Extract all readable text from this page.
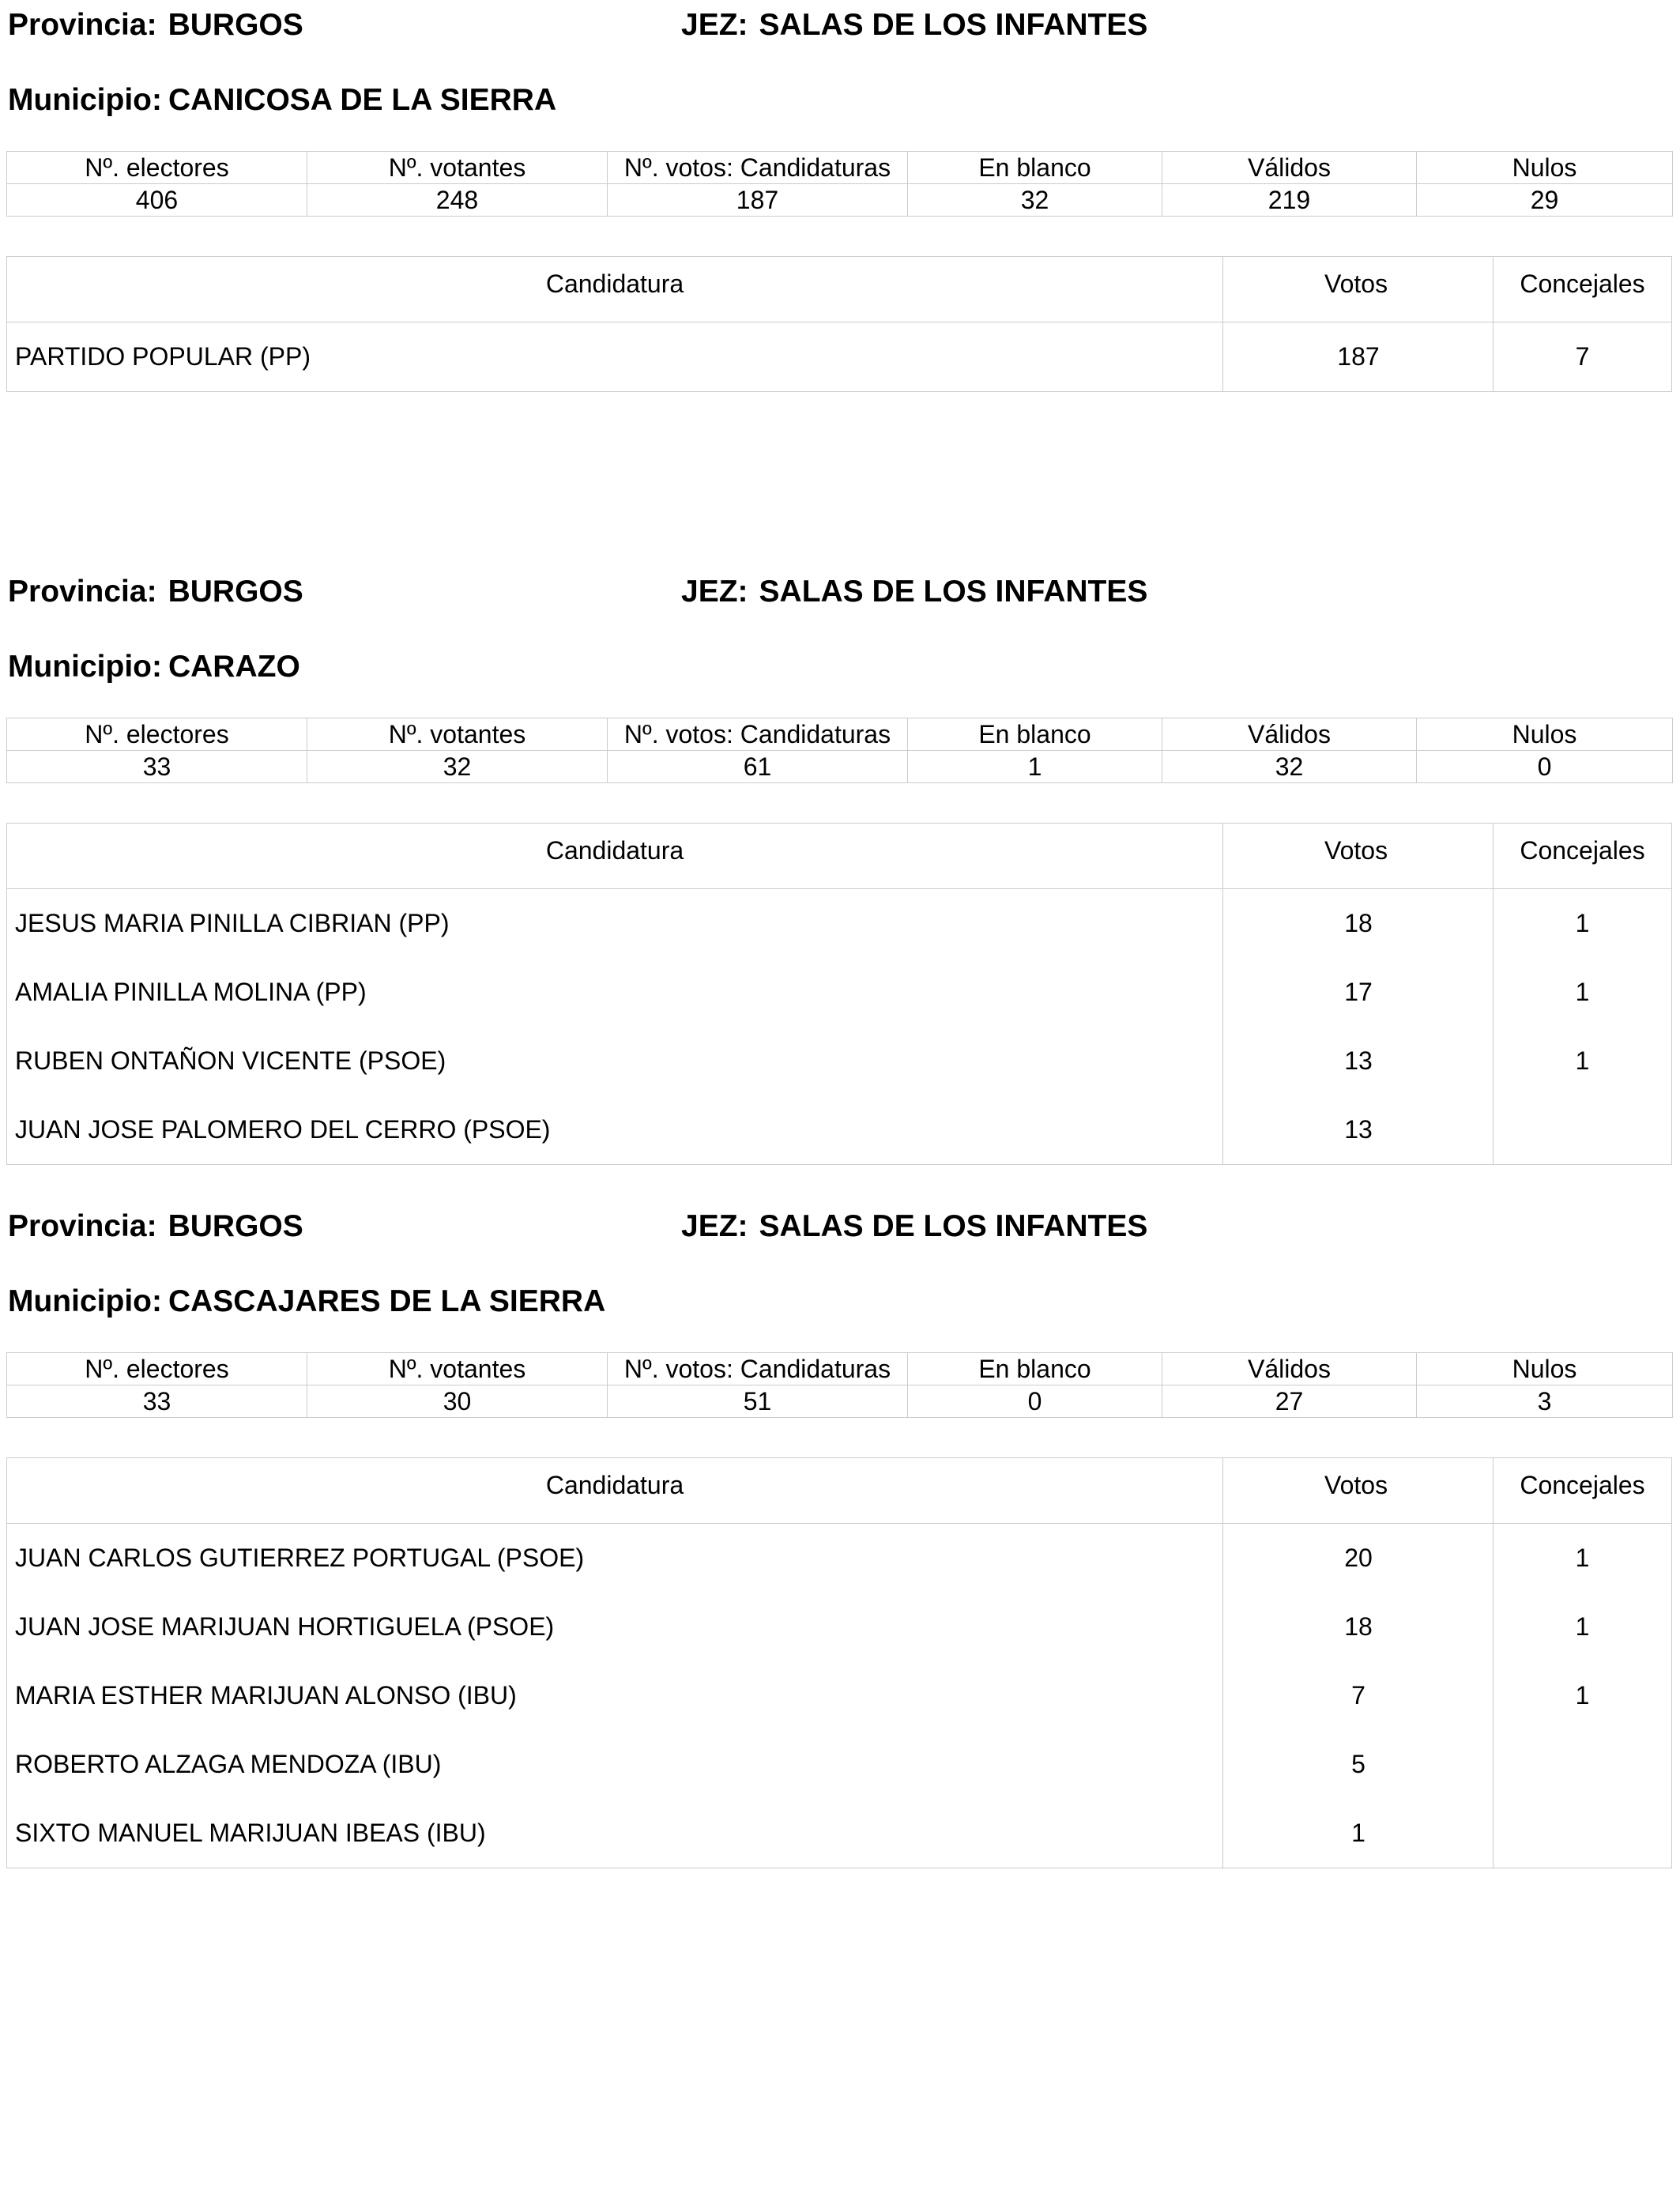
Provincia: BURGOS	JEZ: SALAS DE LOS INFANTES
Municipio: CANICOSA DE LA SIERRA
Nº. electores	Nº. votantes	Nº. votos: Candidaturas	En blanco	Válidos	Nulos
406	248	187	32	219	29
Candidatura	Votos	Concejales
PARTIDO POPULAR (PP)	187	7
Provincia: BURGOS	JEZ: SALAS DE LOS INFANTES
Municipio: CARAZO
Nº. electores	Nº. votantes	Nº. votos: Candidaturas	En blanco	Válidos	Nulos
33	32	61	1	32	0
Candidatura	Votos	Concejales
JESUS MARIA PINILLA CIBRIAN (PP)	18	1
AMALIA PINILLA MOLINA (PP)	17	1
RUBEN ONTAÑON VICENTE (PSOE)	13	1
JUAN JOSE PALOMERO DEL CERRO (PSOE)	13
Provincia: BURGOS	JEZ: SALAS DE LOS INFANTES
Municipio: CASCAJARES DE LA SIERRA
Nº. electores	Nº. votantes	Nº. votos: Candidaturas	En blanco	Válidos	Nulos
33	30	51	0	27	3
Candidatura	Votos	Concejales
JUAN CARLOS GUTIERREZ PORTUGAL (PSOE)	20	1
JUAN JOSE MARIJUAN HORTIGUELA (PSOE)	18	1
MARIA ESTHER MARIJUAN ALONSO (IBU)	7	1
ROBERTO ALZAGA MENDOZA (IBU)	5
SIXTO MANUEL MARIJUAN IBEAS (IBU)	1
